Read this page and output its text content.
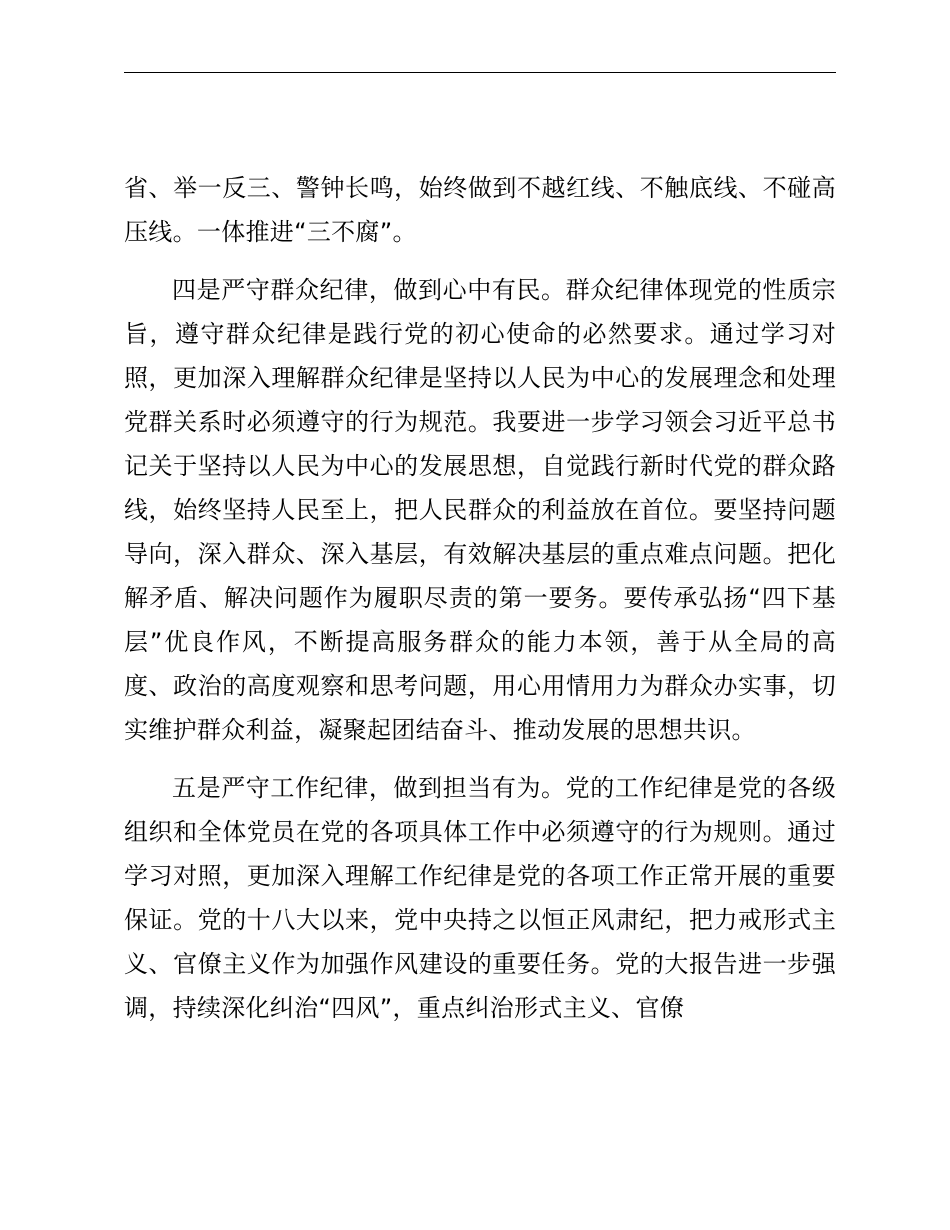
省、举一反三、警钟长鸣，始终做到不越红线、不触底线、不碰高压线。一体推进“三不腐”。

四是严守群众纪律，做到心中有民。群众纪律体现党的性质宗旨，遵守群众纪律是践行党的初心使命的必然要求。通过学习对照，更加深入理解群众纪律是坚持以人民为中心的发展理念和处理党群关系时必须遵守的行为规范。我要进一步学习领会习近平总书记关于坚持以人民为中心的发展思想，自觉践行新时代党的群众路线，始终坚持人民至上，把人民群众的利益放在首位。要坚持问题导向，深入群众、深入基层，有效解决基层的重点难点问题。把化解矛盾、解决问题作为履职尽责的第一要务。要传承弘扬“四下基层”优良作风，不断提高服务群众的能力本领，善于从全局的高度、政治的高度观察和思考问题，用心用情用力为群众办实事，切实维护群众利益，凝聚起团结奋斗、推动发展的思想共识。

五是严守工作纪律，做到担当有为。党的工作纪律是党的各级组织和全体党员在党的各项具体工作中必须遵守的行为规则。通过学习对照，更加深入理解工作纪律是党的各项工作正常开展的重要保证。党的十八大以来，党中央持之以恒正风肃纪，把力戒形式主义、官僚主义作为加强作风建设的重要任务。党的大报告进一步强调，持续深化纠治“四风”，重点纠治形式主义、官僚
